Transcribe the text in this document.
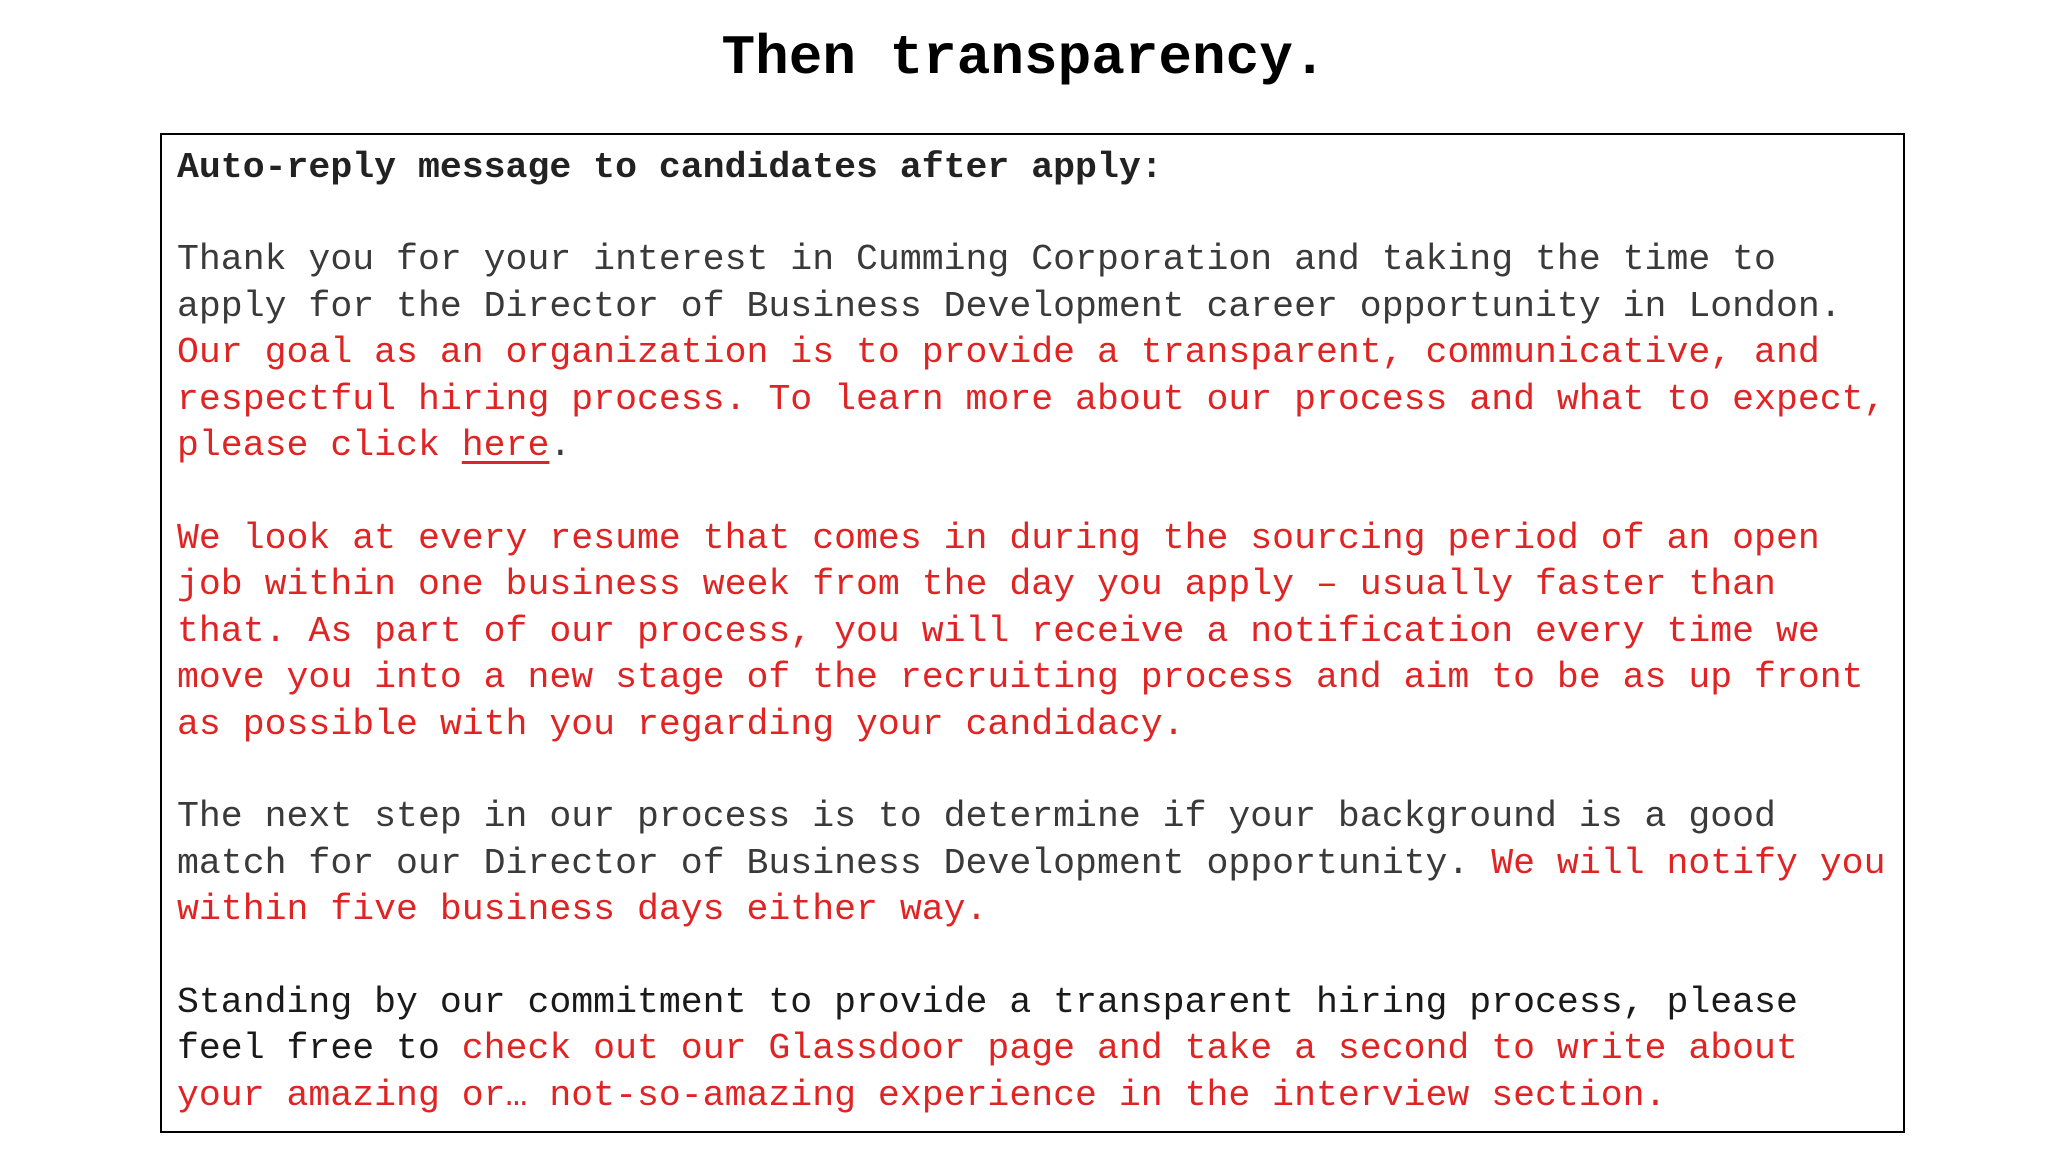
Then transparency.

Auto-reply message to candidates after apply:

Thank you for your interest in Cumming Corporation and taking the time to apply for the Director of Business Development career opportunity in London. Our goal as an organization is to provide a transparent, communicative, and respectful hiring process. To learn more about our process and what to expect, please click here.

We look at every resume that comes in during the sourcing period of an open job within one business week from the day you apply – usually faster than that. As part of our process, you will receive a notification every time we move you into a new stage of the recruiting process and aim to be as up front as possible with you regarding your candidacy.

The next step in our process is to determine if your background is a good match for our Director of Business Development opportunity. We will notify you within five business days either way.

Standing by our commitment to provide a transparent hiring process, please feel free to check out our Glassdoor page and take a second to write about your amazing or… not-so-amazing experience in the interview section.
